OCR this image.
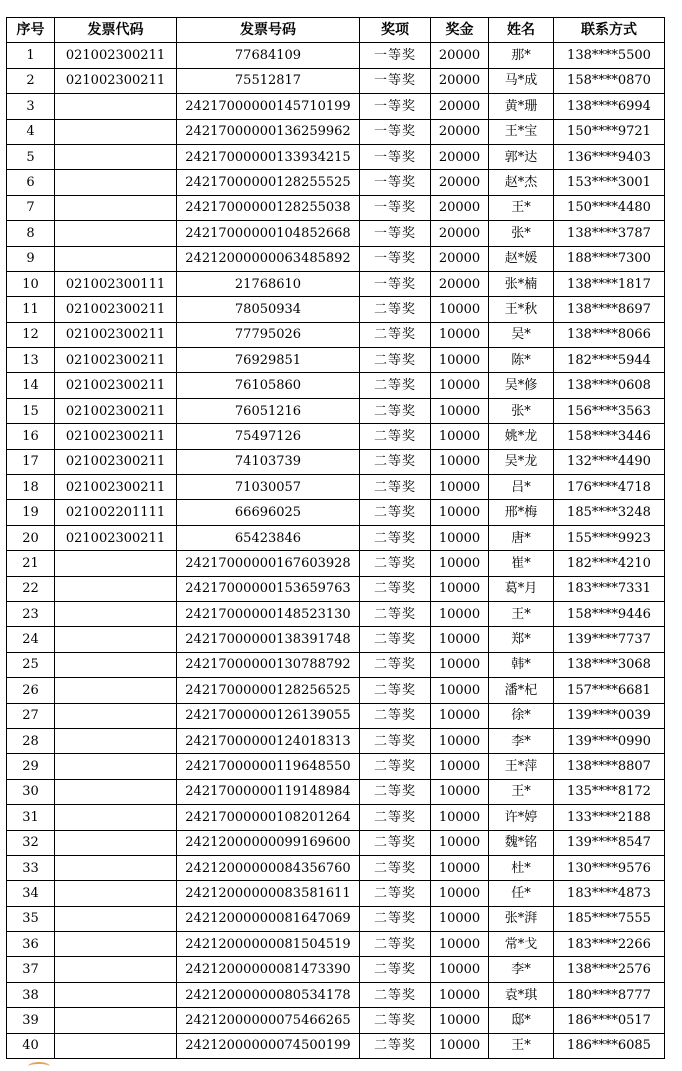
序号	发票代码	发票号码	奖项	奖金	姓名	联系方式
1	021002300211	77684109	一等奖	20000	那*	138****5500
2	021002300211	75512817	一等奖	20000	马*成	158****0870
3		24217000000145710199	一等奖	20000	黄*珊	138****6994
4		24217000000136259962	一等奖	20000	王*宝	150****9721
5		24217000000133934215	一等奖	20000	郭*达	136****9403
6		24217000000128255525	一等奖	20000	赵*杰	153****3001
7		24217000000128255038	一等奖	20000	王*	150****4480
8		24217000000104852668	一等奖	20000	张*	138****3787
9		24212000000063485892	一等奖	20000	赵*媛	188****7300
10	021002300111	21768610	一等奖	20000	张*楠	138****1817
11	021002300211	78050934	二等奖	10000	王*秋	138****8697
12	021002300211	77795026	二等奖	10000	吴*	138****8066
13	021002300211	76929851	二等奖	10000	陈*	182****5944
14	021002300211	76105860	二等奖	10000	吴*修	138****0608
15	021002300211	76051216	二等奖	10000	张*	156****3563
16	021002300211	75497126	二等奖	10000	姚*龙	158****3446
17	021002300211	74103739	二等奖	10000	吴*龙	132****4490
18	021002300211	71030057	二等奖	10000	吕*	176****4718
19	021002201111	66696025	二等奖	10000	邢*梅	185****3248
20	021002300211	65423846	二等奖	10000	唐*	155****9923
21		24217000000167603928	二等奖	10000	崔*	182****4210
22		24217000000153659763	二等奖	10000	葛*月	183****7331
23		24217000000148523130	二等奖	10000	王*	158****9446
24		24217000000138391748	二等奖	10000	郑*	139****7737
25		24217000000130788792	二等奖	10000	韩*	138****3068
26		24217000000128256525	二等奖	10000	潘*杞	157****6681
27		24217000000126139055	二等奖	10000	徐*	139****0039
28		24217000000124018313	二等奖	10000	李*	139****0990
29		24217000000119648550	二等奖	10000	王*萍	138****8807
30		24217000000119148984	二等奖	10000	王*	135****8172
31		24217000000108201264	二等奖	10000	许*婷	133****2188
32		24212000000099169600	二等奖	10000	魏*铭	139****8547
33		24212000000084356760	二等奖	10000	杜*	130****9576
34		24212000000083581611	二等奖	10000	任*	183****4873
35		24212000000081647069	二等奖	10000	张*湃	185****7555
36		24212000000081504519	二等奖	10000	常*戈	183****2266
37		24212000000081473390	二等奖	10000	李*	138****2576
38		24212000000080534178	二等奖	10000	袁*琪	180****8777
39		24212000000075466265	二等奖	10000	邸*	186****0517
40		24212000000074500199	二等奖	10000	王*	186****6085
